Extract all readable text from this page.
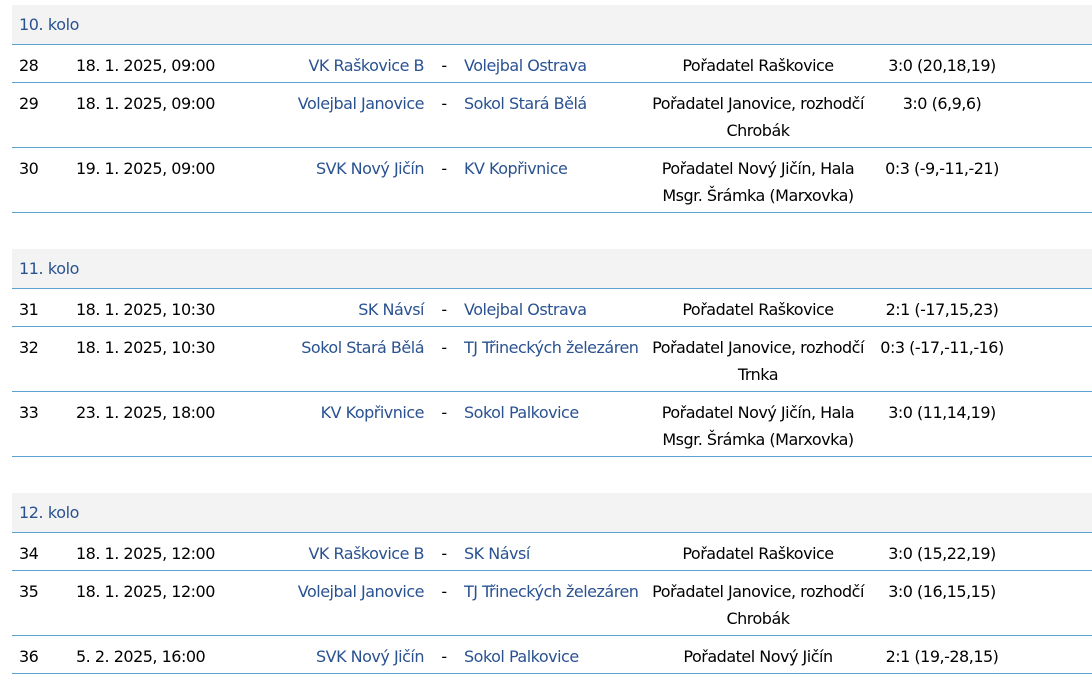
10. kolo
28	18. 1. 2025, 09:00	VK Raškovice B	-	Volejbal Ostrava	Pořadatel Raškovice	3:0 (20,18,19)	
29	18. 1. 2025, 09:00	Volejbal Janovice	-	Sokol Stará Bělá	Pořadatel Janovice, rozhodčí Chrobák	3:0 (6,9,6)	
30	19. 1. 2025, 09:00	SVK Nový Jičín	-	KV Kopřivnice	Pořadatel Nový Jičín, Hala Msgr. Šrámka (Marxovka)	0:3 (-9,-11,-21)	
11. kolo
31	18. 1. 2025, 10:30	SK Návsí	-	Volejbal Ostrava	Pořadatel Raškovice	2:1 (-17,15,23)	
32	18. 1. 2025, 10:30	Sokol Stará Bělá	-	TJ Třineckých železáren	Pořadatel Janovice, rozhodčí Trnka	0:3 (-17,-11,-16)	
33	23. 1. 2025, 18:00	KV Kopřivnice	-	Sokol Palkovice	Pořadatel Nový Jičín, Hala Msgr. Šrámka (Marxovka)	3:0 (11,14,19)	
12. kolo
34	18. 1. 2025, 12:00	VK Raškovice B	-	SK Návsí	Pořadatel Raškovice	3:0 (15,22,19)	
35	18. 1. 2025, 12:00	Volejbal Janovice	-	TJ Třineckých železáren	Pořadatel Janovice, rozhodčí Chrobák	3:0 (16,15,15)	
36	5. 2. 2025, 16:00	SVK Nový Jičín	-	Sokol Palkovice	Pořadatel Nový Jičín	2:1 (19,-28,15)	
